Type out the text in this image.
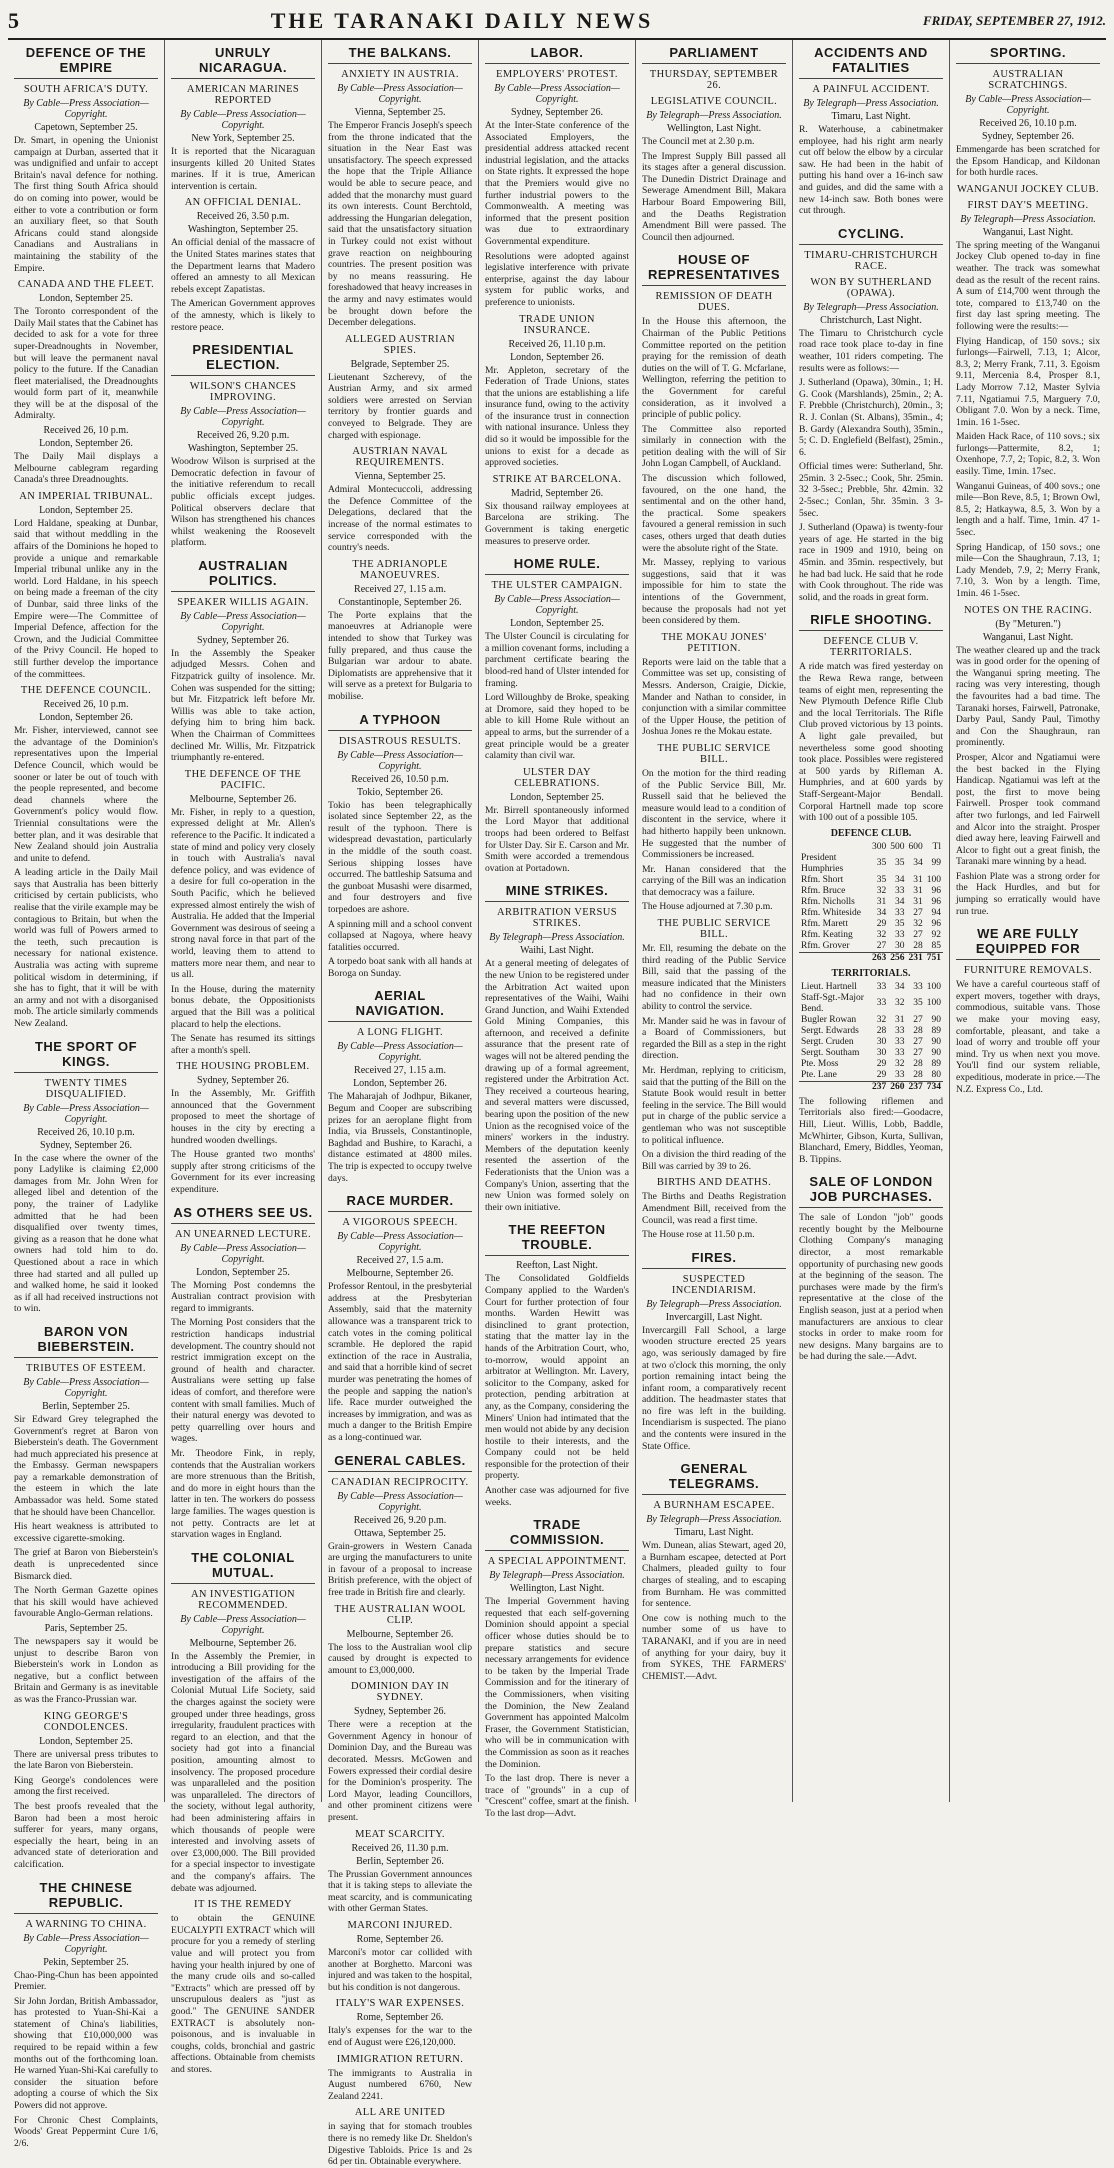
5	THE TARANAKI DAILY NEWS	FRIDAY, SEPTEMBER 27, 1912.
DEFENCE OF THE EMPIRE
SOUTH AFRICA'S DUTY.
By Cable—Press Association—Copyright.
Capetown, September 25.

Dr. Smart, in opening the Unionist campaign at Durban, asserted that it was undignified and unfair to accept Britain's naval defence for nothing. The first thing South Africa should do on coming into power, would be either to vote a contribution or form an auxiliary fleet, so that South Africans could stand alongside Canadians and Australians in maintaining the stability of the Empire.

CANADA AND THE FLEET.
London, September 25.

The Toronto correspondent of the Daily Mail states that the Cabinet has decided to ask for a vote for three super-Dreadnoughts in November, but will leave the permanent naval policy to the future. If the Canadian fleet materialised, the Dreadnoughts would form part of it, meanwhile they will be at the disposal of the Admiralty.

Received 26, 10 p.m.
London, September 26.

The Daily Mail displays a Melbourne cablegram regarding Canada's three Dreadnoughts.

AN IMPERIAL TRIBUNAL.
London, September 25.

Lord Haldane, speaking at Dunbar, said that without meddling in the affairs of the Dominions he hoped to provide a unique and remarkable Imperial tribunal unlike any in the world. Lord Haldane, in his speech on being made a freeman of the city of Dunbar, said three links of the Empire were—The Committee of Imperial Defence, affection for the Crown, and the Judicial Committee of the Privy Council. He hoped to still further develop the importance of the committees.

THE DEFENCE COUNCIL.
Received 26, 10 p.m.
London, September 26.

Mr. Fisher, interviewed, cannot see the advantage of the Dominion's representatives upon the Imperial Defence Council, which would be sooner or later be out of touch with the people represented, and become dead channels where the Government's policy would flow. Triennial consultations were the better plan, and it was desirable that New Zealand should join Australia and unite to defend.

A leading article in the Daily Mail says that Australia has been bitterly criticised by certain publicists, who realise that the virile example may be contagious to Britain, but when the world was full of Powers armed to the teeth, such precaution is necessary for national existence. Australia was acting with supreme political wisdom in determining, if she has to fight, that it will be with an army and not with a disorganised mob. The article similarly commends New Zealand.

THE SPORT OF KINGS.
TWENTY TIMES DISQUALIFIED.
By Cable—Press Association—Copyright.
Received 26, 10.10 p.m.
Sydney, September 26.

In the case where the owner of the pony Ladylike is claiming £2,000 damages from Mr. John Wren for alleged libel and detention of the pony, the trainer of Ladylike admitted that he had been disqualified over twenty times, giving as a reason that he done what owners had told him to do. Questioned about a race in which three had started and all pulled up and walked home, he said it looked as if all had received instructions not to win.

BARON VON BIEBERSTEIN.
TRIBUTES OF ESTEEM.
By Cable—Press Association—Copyright.
Berlin, September 25.

Sir Edward Grey telegraphed the Government's regret at Baron von Bieberstein's death. The Government had much appreciated his presence at the Embassy. German newspapers pay a remarkable demonstration of the esteem in which the late Ambassador was held. Some stated that he should have been Chancellor.

His heart weakness is attributed to excessive cigarette-smoking.

The grief at Baron von Bieberstein's death is unprecedented since Bismarck died.

The North German Gazette opines that his skill would have achieved favourable Anglo-German relations.

Paris, September 25.

The newspapers say it would be unjust to describe Baron von Bieberstein's work in London as negative, but a conflict between Britain and Germany is as inevitable as was the Franco-Prussian war.

KING GEORGE'S CONDOLENCES.
London, September 25.

There are universal press tributes to the late Baron von Bieberstein.

King George's condolences were among the first received.

The best proofs revealed that the Baron had been a most heroic sufferer for years, many organs, especially the heart, being in an advanced state of deterioration and calcification.

THE CHINESE REPUBLIC.
A WARNING TO CHINA.
By Cable—Press Association—Copyright.
Pekin, September 25.

Chao-Ping-Chun has been appointed Premier.

Sir John Jordan, British Ambassador, has protested to Yuan-Shi-Kai a statement of China's liabilities, showing that £10,000,000 was required to be repaid within a few months out of the forthcoming loan. He warned Yuan-Shi-Kai carefully to consider the situation before adopting a course of which the Six Powers did not approve.

For Chronic Chest Complaints, Woods' Great Peppermint Cure 1/6, 2/6.

UNRULY NICARAGUA.
AMERICAN MARINES REPORTED
By Cable—Press Association—Copyright.
New York, September 25.

It is reported that the Nicaraguan insurgents killed 20 United States marines. If it is true, American intervention is certain.

AN OFFICIAL DENIAL.
Received 26, 3.50 p.m.
Washington, September 25.

An official denial of the massacre of the United States marines states that the Department learns that Madero offered an amnesty to all Mexican rebels except Zapatistas.

The American Government approves of the amnesty, which is likely to restore peace.

PRESIDENTIAL ELECTION.
WILSON'S CHANCES IMPROVING.
By Cable—Press Association—Copyright.
Received 26, 9.20 p.m.
Washington, September 25.

Woodrow Wilson is surprised at the Democratic defection in favour of the initiative referendum to recall public officials except judges. Political observers declare that Wilson has strengthened his chances whilst weakening the Roosevelt platform.

AUSTRALIAN POLITICS.
SPEAKER WILLIS AGAIN.
By Cable—Press Association—Copyright.
Sydney, September 26.

In the Assembly the Speaker adjudged Messrs. Cohen and Fitzpatrick guilty of insolence. Mr. Cohen was suspended for the sitting; but Mr. Fitzpatrick left before Mr. Willis was able to take action, defying him to bring him back. When the Chairman of Committees declined Mr. Willis, Mr. Fitzpatrick triumphantly re-entered.

THE DEFENCE OF THE PACIFIC.
Melbourne, September 26.

Mr. Fisher, in reply to a question, expressed delight at Mr. Allen's reference to the Pacific. It indicated a state of mind and policy very closely in touch with Australia's naval defence policy, and was evidence of a desire for full co-operation in the South Pacific, which he believed expressed almost entirely the wish of Australia. He added that the Imperial Government was desirous of seeing a strong naval force in that part of the world, leaving them to attend to matters more near them, and near to us all.

In the House, during the maternity bonus debate, the Oppositionists argued that the Bill was a political placard to help the elections.

The Senate has resumed its sittings after a month's spell.

THE HOUSING PROBLEM.
Sydney, September 26.

In the Assembly, Mr. Griffith announced that the Government proposed to meet the shortage of houses in the city by erecting a hundred wooden dwellings.

The House granted two months' supply after strong criticisms of the Government for its ever increasing expenditure.

AS OTHERS SEE US.
AN UNEARNED LECTURE.
By Cable—Press Association—Copyright.
London, September 25.

The Morning Post condemns the Australian contract provision with regard to immigrants.

The Morning Post considers that the restriction handicaps industrial development. The country should not restrict immigration except on the ground of health and character. Australians were setting up false ideas of comfort, and therefore were content with small families. Much of their natural energy was devoted to petty quarrelling over hours and wages.

Mr. Theodore Fink, in reply, contends that the Australian workers are more strenuous than the British, and do more in eight hours than the latter in ten. The workers do possess large families. The wages question is not petty. Contracts are let at starvation wages in England.

THE COLONIAL MUTUAL.
AN INVESTIGATION RECOMMENDED.
By Cable—Press Association—Copyright.
Melbourne, September 26.

In the Assembly the Premier, in introducing a Bill providing for the investigation of the affairs of the Colonial Mutual Life Society, said the charges against the society were grouped under three headings, gross irregularity, fraudulent practices with regard to an election, and that the society had got into a financial position, amounting almost to insolvency. The proposed procedure was unparalleled and the position was unparalleled. The directors of the society, without legal authority, had been administering affairs in which thousands of people were interested and involving assets of over £3,000,000. The Bill provided for a special inspector to investigate and the company's affairs. The debate was adjourned.

IT IS THE REMEDY

to obtain the GENUINE EUCALYPTI EXTRACT which will procure for you a remedy of sterling value and will protect you from having your health injured by one of the many crude oils and so-called "Extracts" which are pressed off by unscrupulous dealers as "just as good." The GENUINE SANDER EXTRACT is absolutely non-poisonous, and is invaluable in coughs, colds, bronchial and gastric affections. Obtainable from chemists and stores.

THE BALKANS.
ANXIETY IN AUSTRIA.
By Cable—Press Association—Copyright.
Vienna, September 25.

The Emperor Francis Joseph's speech from the throne indicated that the situation in the Near East was unsatisfactory. The speech expressed the hope that the Triple Alliance would be able to secure peace, and added that the monarchy must guard its own interests. Count Berchtold, addressing the Hungarian delegation, said that the unsatisfactory situation in Turkey could not exist without grave reaction on neighbouring countries. The present position was by no means reassuring. He foreshadowed that heavy increases in the army and navy estimates would be brought down before the December delegations.

ALLEGED AUSTRIAN SPIES.
Belgrade, September 25.

Lieutenant Szcherevy, of the Austrian Army, and six armed soldiers were arrested on Servian territory by frontier guards and conveyed to Belgrade. They are charged with espionage.

AUSTRIAN NAVAL REQUIREMENTS.
Vienna, September 25.

Admiral Montecuccoli, addressing the Defence Committee of the Delegations, declared that the increase of the normal estimates to service corresponded with the country's needs.

THE ADRIANOPLE MANOEUVRES.
Received 27, 1.15 a.m.
Constantinople, September 26.

The Porte explains that the manoeuvres at Adrianople were intended to show that Turkey was fully prepared, and thus cause the Bulgarian war ardour to abate. Diplomatists are apprehensive that it will serve as a pretext for Bulgaria to mobilise.

A TYPHOON
DISASTROUS RESULTS.
By Cable—Press Association—Copyright.
Received 26, 10.50 p.m.
Tokio, September 26.

Tokio has been telegraphically isolated since September 22, as the result of the typhoon. There is widespread devastation, particularly in the middle of the south coast. Serious shipping losses have occurred. The battleship Satsuma and the gunboat Musashi were disarmed, and four destroyers and five torpedoes are ashore.

A spinning mill and a school convent collapsed at Nagoya, where heavy fatalities occurred.

A torpedo boat sank with all hands at Boroga on Sunday.

AERIAL NAVIGATION.
A LONG FLIGHT.
By Cable—Press Association—Copyright.
Received 27, 1.15 a.m.
London, September 26.

The Maharajah of Jodhpur, Bikaner, Begum and Cooper are subscribing prizes for an aeroplane flight from India, via Brussels, Constantinople, Baghdad and Bushire, to Karachi, a distance estimated at 4800 miles. The trip is expected to occupy twelve days.

RACE MURDER.
A VIGOROUS SPEECH.
By Cable—Press Association—Copyright.
Received 27, 1.5 a.m.
Melbourne, September 26.

Professor Rentoul, in the presbyterial address at the Presbyterian Assembly, said that the maternity allowance was a transparent trick to catch votes in the coming political scramble. He deplored the rapid extinction of the race in Australia, and said that a horrible kind of secret murder was penetrating the homes of the people and sapping the nation's life. Race murder outweighed the increases by immigration, and was as much a danger to the British Empire as a long-continued war.

GENERAL CABLES.
CANADIAN RECIPROCITY.
By Cable—Press Association—Copyright.
Received 26, 9.20 p.m.
Ottawa, September 25.

Grain-growers in Western Canada are urging the manufacturers to unite in favour of a proposal to increase British preference, with the object of free trade in British fire and clearly.

THE AUSTRALIAN WOOL CLIP.
Melbourne, September 26.

The loss to the Australian wool clip caused by drought is expected to amount to £3,000,000.

DOMINION DAY IN SYDNEY.
Sydney, September 26.

There were a reception at the Government Agency in honour of Dominion Day, and the Bureau was decorated. Messrs. McGowen and Fowers expressed their cordial desire for the Dominion's prosperity. The Lord Mayor, leading Councillors, and other prominent citizens were present.

MEAT SCARCITY.
Received 26, 11.30 p.m.
Berlin, September 26.

The Prussian Government announces that it is taking steps to alleviate the meat scarcity, and is communicating with other German States.

MARCONI INJURED.
Rome, September 26.

Marconi's motor car collided with another at Borghetto. Marconi was injured and was taken to the hospital, but his condition is not dangerous.

ITALY'S WAR EXPENSES.
Rome, September 26.

Italy's expenses for the war to the end of August were £26,120,000.

IMMIGRATION RETURN.

The immigrants to Australia in August numbered 6760, New Zealand 2241.

ALL ARE UNITED

in saying that for stomach troubles there is no remedy like Dr. Sheldon's Digestive Tabloids. Price 1s and 2s 6d per tin. Obtainable everywhere.

LABOR.
EMPLOYERS' PROTEST.
By Cable—Press Association—Copyright.
Sydney, September 26.

At the Inter-State conference of the Associated Employers, the presidential address attacked recent industrial legislation, and the attacks on State rights. It expressed the hope that the Premiers would give no further industrial powers to the Commonwealth. A meeting was informed that the present position was due to extraordinary Governmental expenditure.

Resolutions were adopted against legislative interference with private enterprise, against the day labour system for public works, and preference to unionists.

TRADE UNION INSURANCE.
Received 26, 11.10 p.m.
London, September 26.

Mr. Appleton, secretary of the Federation of Trade Unions, states that the unions are establishing a life insurance fund, owing to the activity of the insurance trust in connection with national insurance. Unless they did so it would be impossible for the unions to exist for a decade as approved societies.

STRIKE AT BARCELONA.
Madrid, September 26.

Six thousand railway employees at Barcelona are striking. The Government is taking energetic measures to preserve order.

HOME RULE.
THE ULSTER CAMPAIGN.
By Cable—Press Association—Copyright.
London, September 25.

The Ulster Council is circulating for a million covenant forms, including a parchment certificate bearing the blood-red hand of Ulster intended for framing.

Lord Willoughby de Broke, speaking at Dromore, said they hoped to be able to kill Home Rule without an appeal to arms, but the surrender of a great principle would be a greater calamity than civil war.

ULSTER DAY CELEBRATIONS.
London, September 25.

Mr. Birrell spontaneously informed the Lord Mayor that additional troops had been ordered to Belfast for Ulster Day. Sir E. Carson and Mr. Smith were accorded a tremendous ovation at Portadown.

MINE STRIKES.
ARBITRATION VERSUS STRIKES.
By Telegraph—Press Association.
Waihi, Last Night.

At a general meeting of delegates of the new Union to be registered under the Arbitration Act waited upon representatives of the Waihi, Waihi Grand Junction, and Waihi Extended Gold Mining Companies, this afternoon, and received a definite assurance that the present rate of wages will not be altered pending the drawing up of a formal agreement, registered under the Arbitration Act. They received a courteous hearing, and several matters were discussed, bearing upon the position of the new Union as the recognised voice of the miners' workers in the industry. Members of the deputation keenly resented the assertion of the Federationists that the Union was a Company's Union, asserting that the new Union was formed solely on their own initiative.

THE REEFTON TROUBLE.
Reefton, Last Night.

The Consolidated Goldfields Company applied to the Warden's Court for further protection of four months. Warden Hewitt was disinclined to grant protection, stating that the matter lay in the hands of the Arbitration Court, who, to-morrow, would appoint an arbitrator at Wellington. Mr. Lavery, solicitor to the Company, asked for protection, pending arbitration at any, as the Company, considering the Miners' Union had intimated that the men would not abide by any decision hostile to their interests, and the Company could not be held responsible for the protection of their property.

Another case was adjourned for five weeks.

TRADE COMMISSION.
A SPECIAL APPOINTMENT.
By Telegraph—Press Association.
Wellington, Last Night.

The Imperial Government having requested that each self-governing Dominion should appoint a special officer whose duties should be to prepare statistics and secure necessary arrangements for evidence to be taken by the Imperial Trade Commission and for the itinerary of the Commissioners, when visiting the Dominion, the New Zealand Government has appointed Malcolm Fraser, the Government Statistician, who will be in communication with the Commission as soon as it reaches the Dominion.

To the last drop. There is never a trace of "grounds" in a cup of "Crescent" coffee, smart at the finish. To the last drop—Advt.

PARLIAMENT
THURSDAY, SEPTEMBER 26.
LEGISLATIVE COUNCIL.
By Telegraph—Press Association.
Wellington, Last Night.

The Council met at 2.30 p.m.

The Imprest Supply Bill passed all its stages after a general discussion. The Dunedin District Drainage and Sewerage Amendment Bill, Makara Harbour Board Empowering Bill, and the Deaths Registration Amendment Bill were passed. The Council then adjourned.

HOUSE OF REPRESENTATIVES
REMISSION OF DEATH DUES.

In the House this afternoon, the Chairman of the Public Petitions Committee reported on the petition praying for the remission of death duties on the will of T. G. Mcfarlane, Wellington, referring the petition to the Government for careful consideration, as it involved a principle of public policy.

The Committee also reported similarly in connection with the petition dealing with the will of Sir John Logan Campbell, of Auckland.

The discussion which followed, favoured, on the one hand, the sentimental and on the other hand, the practical. Some speakers favoured a general remission in such cases, others urged that death duties were the absolute right of the State.

Mr. Massey, replying to various suggestions, said that it was impossible for him to state the intentions of the Government, because the proposals had not yet been considered by them.

THE MOKAU JONES' PETITION.

Reports were laid on the table that a Committee was set up, consisting of Messrs. Anderson, Craigie, Dickie, Mander and Nathan to consider, in conjunction with a similar committee of the Upper House, the petition of Joshua Jones re the Mokau estate.

THE PUBLIC SERVICE BILL.

On the motion for the third reading of the Public Service Bill, Mr. Russell said that he believed the measure would lead to a condition of discontent in the service, where it had hitherto happily been unknown. He suggested that the number of Commissioners be increased.

Mr. Hanan considered that the carrying of the Bill was an indication that democracy was a failure.

The House adjourned at 7.30 p.m.

THE PUBLIC SERVICE BILL.

Mr. Ell, resuming the debate on the third reading of the Public Service Bill, said that the passing of the measure indicated that the Ministers had no confidence in their own ability to control the service.

Mr. Mander said he was in favour of a Board of Commissioners, but regarded the Bill as a step in the right direction.

Mr. Herdman, replying to criticism, said that the putting of the Bill on the Statute Book would result in better feeling in the service. The Bill would put in charge of the public service a gentleman who was not susceptible to political influence.

On a division the third reading of the Bill was carried by 39 to 26.

BIRTHS AND DEATHS.

The Births and Deaths Registration Amendment Bill, received from the Council, was read a first time.

The House rose at 11.50 p.m.

FIRES.
SUSPECTED INCENDIARISM.
By Telegraph—Press Association.
Invercargill, Last Night.

Invercargill Fall School, a large wooden structure erected 25 years ago, was seriously damaged by fire at two o'clock this morning, the only portion remaining intact being the infant room, a comparatively recent addition. The headmaster states that no fire was left in the building. Incendiarism is suspected. The piano and the contents were insured in the State Office.

GENERAL TELEGRAMS.
A BURNHAM ESCAPEE.
By Telegraph—Press Association.
Timaru, Last Night.

Wm. Dunean, alias Stewart, aged 20, a Burnham escapee, detected at Port Chalmers, pleaded guilty to four charges of stealing, and to escaping from Burnham. He was committed for sentence.

One cow is nothing much to the number some of us have to TARANAKI, and if you are in need of anything for your dairy, buy it from SYKES, THE FARMERS' CHEMIST.—Advt.

ACCIDENTS AND FATALITIES
A PAINFUL ACCIDENT.
By Telegraph—Press Association.
Timaru, Last Night.

R. Waterhouse, a cabinetmaker employee, had his right arm nearly cut off below the elbow by a circular saw. He had been in the habit of putting his hand over a 16-inch saw and guides, and did the same with a new 14-inch saw. Both bones were cut through.

CYCLING.
TIMARU-CHRISTCHURCH RACE.
WON BY SUTHERLAND (OPAWA).
By Telegraph—Press Association.
Christchurch, Last Night.

The Timaru to Christchurch cycle road race took place to-day in fine weather, 101 riders competing. The results were as follows:—

J. Sutherland (Opawa), 30min., 1; H. G. Cook (Marshlands), 25min., 2; A. F. Prebble (Christchurch), 20min., 3; R. J. Conlan (St. Albans), 35min., 4; B. Gardy (Alexandra South), 35min., 5; C. D. Englefield (Belfast), 25min., 6.

Official times were: Sutherland, 5hr. 25min. 3 2-5sec.; Cook, 5hr. 25min. 32 3-5sec.; Prebble, 5hr. 42min. 32 2-5sec.; Conlan, 5hr. 35min. 3 3-5sec.

J. Sutherland (Opawa) is twenty-four years of age. He started in the big race in 1909 and 1910, being on 45min. and 35min. respectively, but he had bad luck. He said that he rode with Cook throughout. The ride was solid, and the roads in great form.

RIFLE SHOOTING.
DEFENCE CLUB V. TERRITORIALS.

A ride match was fired yesterday on the Rewa Rewa range, between teams of eight men, representing the New Plymouth Defence Rifle Club and the local Territorials. The Rifle Club proved victorious by 13 points. A light gale prevailed, but nevertheless some good shooting took place. Possibles were registered at 500 yards by Rifleman A. Humphries, and at 600 yards by Staff-Sergeant-Major Bendall. Corporal Hartnell made top score with 100 out of a possible 105.

DEFENCE CLUB.
	300	500	600	Tl
President Humphries	35	35	34	99
Rfm. Short	35	34	31	100
Rfm. Bruce	32	33	31	96
Rfm. Nicholls	31	34	31	96
Rfm. Whiteside	34	33	27	94
Rfm. Marett	29	35	32	96
Rfm. Keating	32	33	27	92
Rfm. Grover	27	30	28	85
	263	256	231	751
TERRITORIALS.
Lieut. Hartnell	33	34	33	100
Staff-Sgt.-Major Bend.	33	32	35	100
Bugler Rowan	32	31	27	90
Sergt. Edwards	28	33	28	89
Sergt. Cruden	30	33	27	90
Sergt. Southam	30	33	27	90
Pte. Moss	29	32	28	89
Pte. Lane	29	33	28	80
	237	260	237	734

The following riflemen and Territorials also fired:—Goodacre, Hill, Lieut. Willis, Lobb, Baddle, McWhirter, Gibson, Kurta, Sullivan, Blanchard, Emery, Biddles, Yeoman, B. Tippins.

SALE OF LONDON JOB PURCHASES.

The sale of London "job" goods recently bought by the Melbourne Clothing Company's managing director, a most remarkable opportunity of purchasing new goods at the beginning of the season. The purchases were made by the firm's representative at the close of the English season, just at a period when manufacturers are anxious to clear stocks in order to make room for new designs. Many bargains are to be had during the sale.—Advt.

SPORTING.
AUSTRALIAN SCRATCHINGS.
By Cable—Press Association—Copyright.
Received 26, 10.10 p.m.
Sydney, September 26.

Emmengarde has been scratched for the Epsom Handicap, and Kildonan for both hurdle races.

WANGANUI JOCKEY CLUB.
FIRST DAY'S MEETING.
By Telegraph—Press Association.
Wanganui, Last Night.

The spring meeting of the Wanganui Jockey Club opened to-day in fine weather. The track was somewhat dead as the result of the recent rains. A sum of £14,700 went through the tote, compared to £13,740 on the first day last spring meeting. The following were the results:—

Flying Handicap, of 150 sovs.; six furlongs—Fairwell, 7.13, 1; Alcor, 8.3, 2; Merry Frank, 7.11, 3. Egoism 9.11, Mercenia 8.4, Prosper 8.1, Lady Morrow 7.12, Master Sylvia 7.11, Ngatiamui 7.5, Marguery 7.0, Obligant 7.0. Won by a neck. Time, 1min. 16 1-5sec.

Maiden Hack Race, of 110 sovs.; six furlongs—Pattermite, 8.2, 1; Oxenhope, 7.7, 2; Topic, 8.2, 3. Won easily. Time, 1min. 17sec.

Wanganui Guineas, of 400 sovs.; one mile—Bon Reve, 8.5, 1; Brown Owl, 8.5, 2; Hatkaywa, 8.5, 3. Won by a length and a half. Time, 1min. 47 1-5sec.

Spring Handicap, of 150 sovs.; one mile—Con the Shaughraun, 7.13, 1; Lady Mendeb, 7.9, 2; Merry Frank, 7.10, 3. Won by a length. Time, 1min. 46 1-5sec.

NOTES ON THE RACING.
(By "Meturen.")
Wanganui, Last Night.

The weather cleared up and the track was in good order for the opening of the Wanganui spring meeting. The racing was very interesting, though the favourites had a bad time. The Taranaki horses, Fairwell, Patronake, Darby Paul, Sandy Paul, Timothy and Con the Shaughraun, ran prominently.

Prosper, Alcor and Ngatiamui were the best backed in the Flying Handicap. Ngatiamui was left at the post, the first to move being Fairwell. Prosper took command after two furlongs, and led Fairwell and Alcor into the straight. Prosper died away here, leaving Fairwell and Alcor to fight out a great finish, the Taranaki mare winning by a head.

Fashion Plate was a strong order for the Hack Hurdles, and but for jumping so erratically would have run true.

WE ARE FULLY EQUIPPED FOR
FURNITURE REMOVALS.

We have a careful courteous staff of expert movers, together with drays, commodious, suitable vans. Those we make your moving easy, comfortable, pleasant, and take a load of worry and trouble off your mind. Try us when next you move. You'll find our system reliable, expeditious, moderate in price.—The N.Z. Express Co., Ltd.
